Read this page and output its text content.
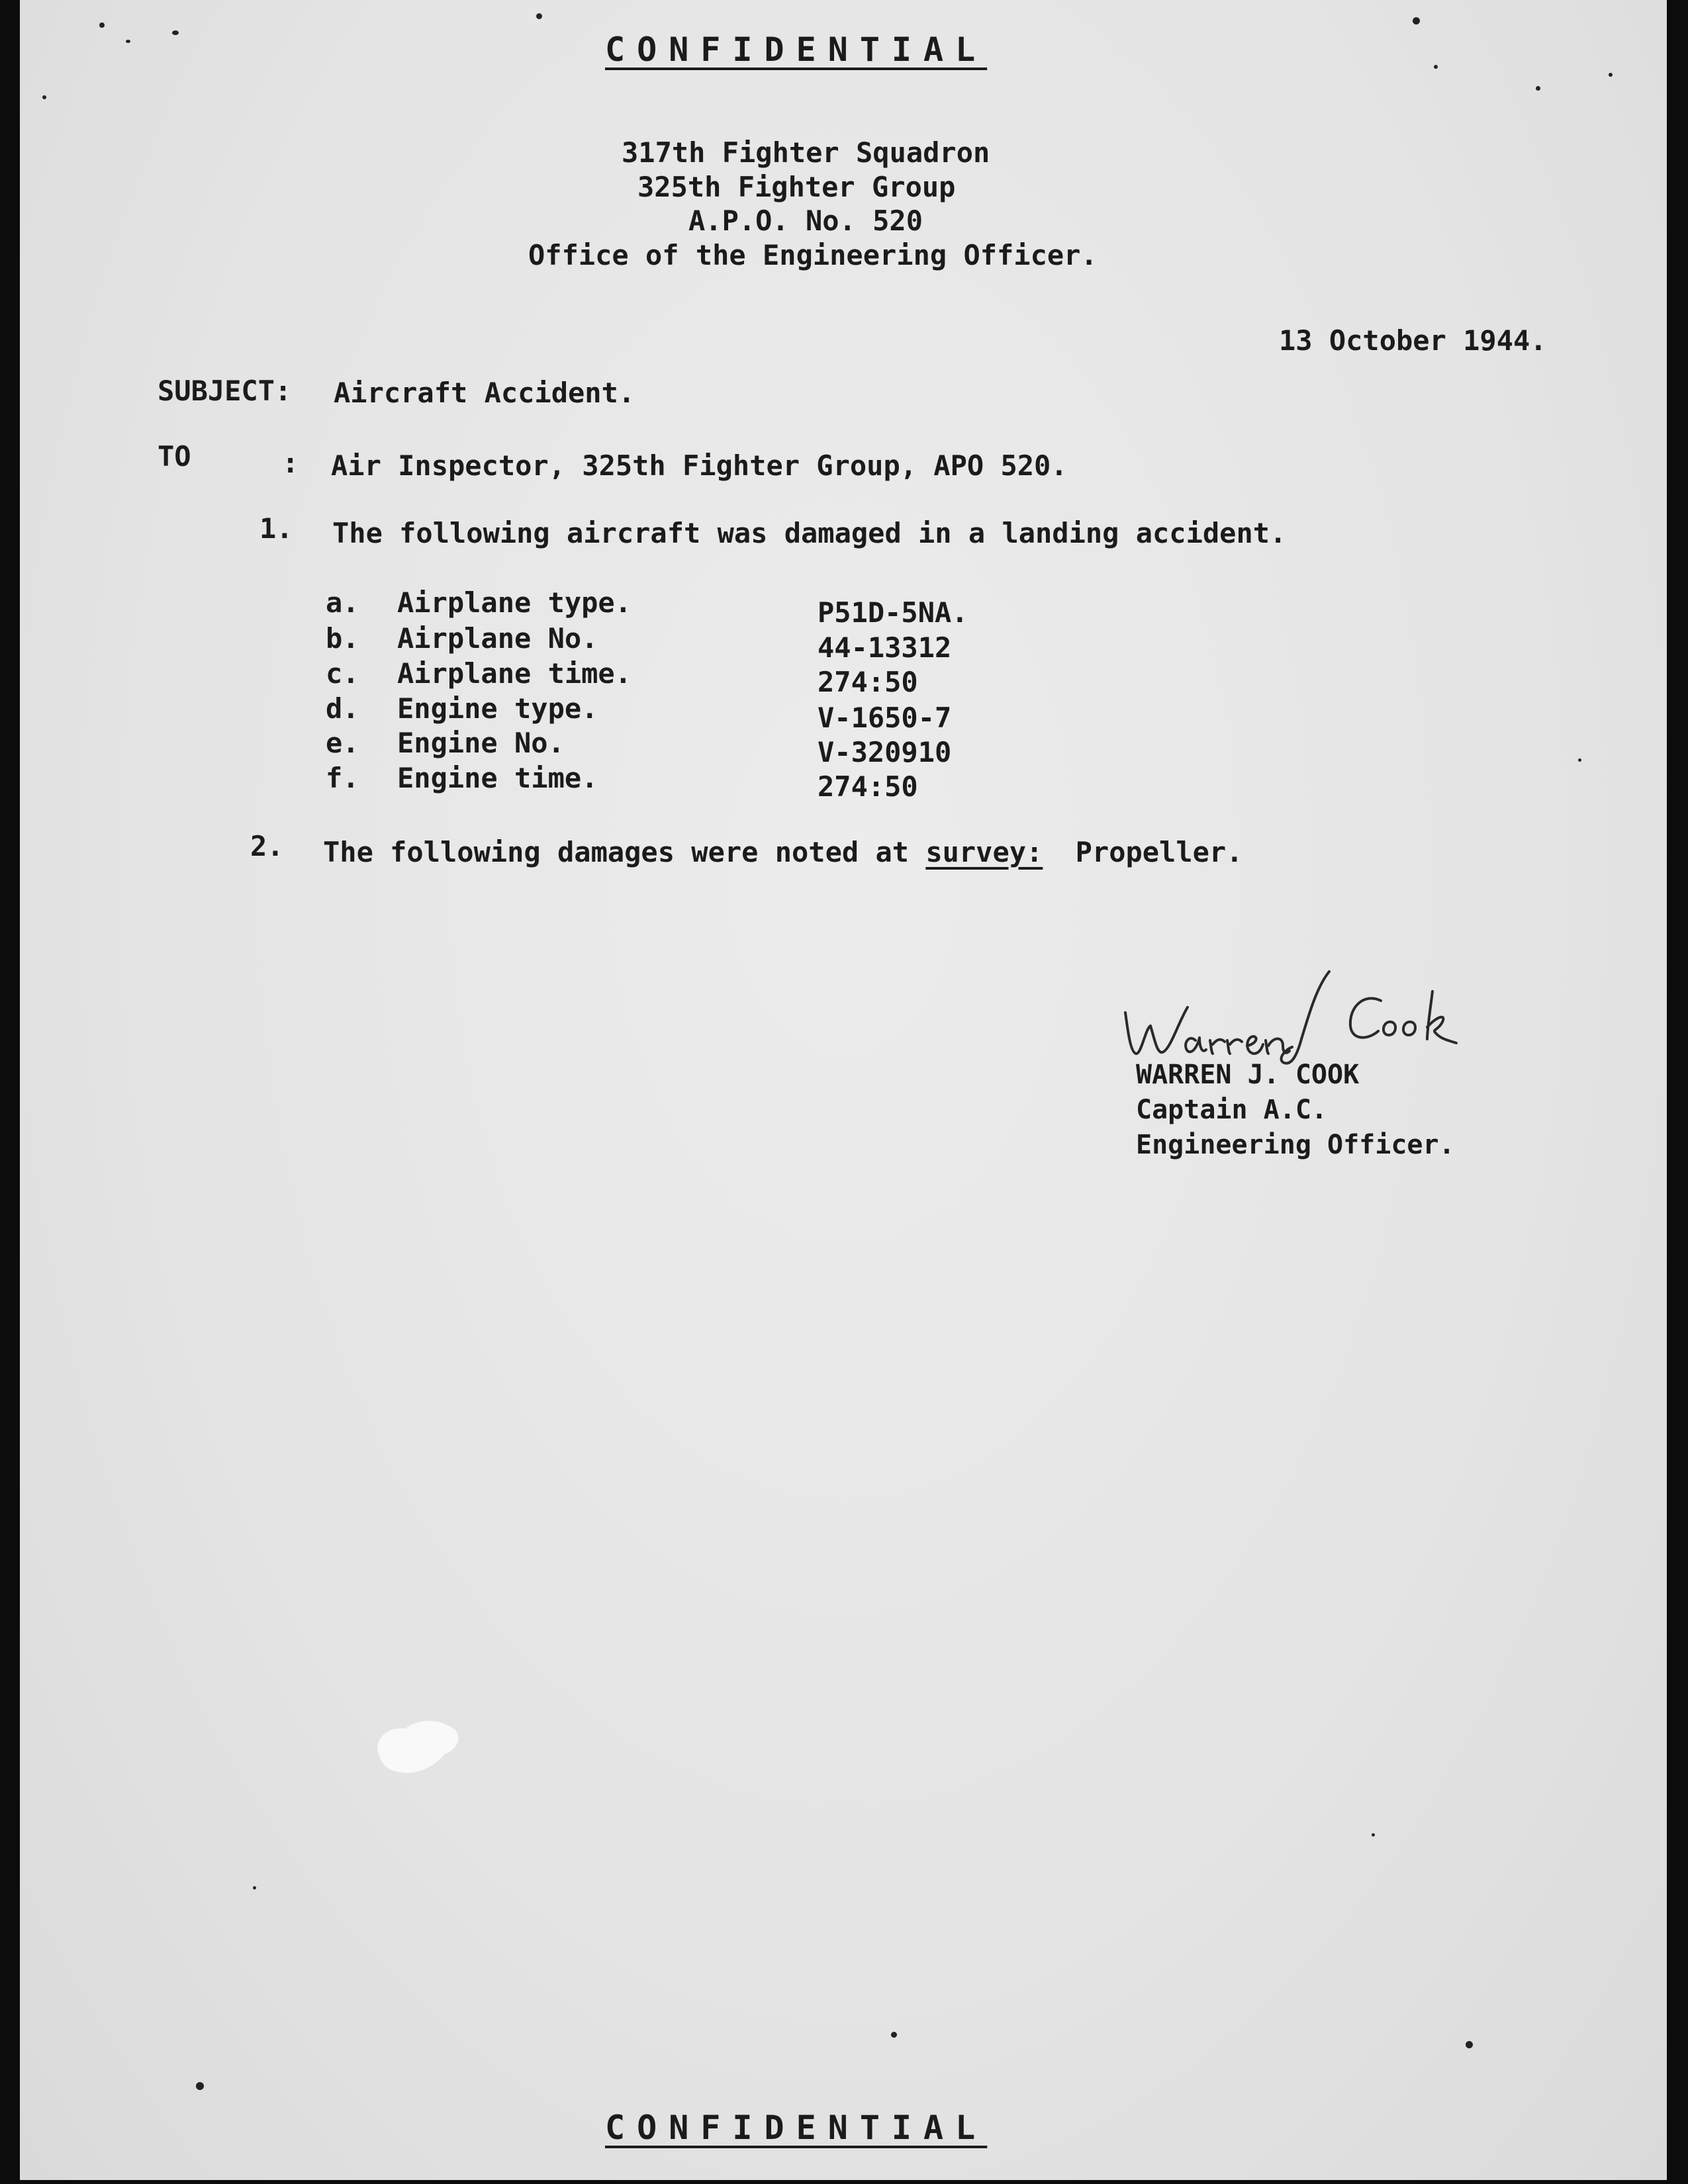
CONFIDENTIAL
317th Fighter Squadron
325th Fighter Group
A.P.O. No. 520
Office of the Engineering Officer.
13 October 1944.
SUBJECT: Aircraft Accident.
TO	: Air Inspector, 325th Fighter Group, APO 520.
1. The following aircraft was damaged in a landing accident.
a. Airplane type.	P51D-5NA.
b. Airplane No.	44-13312
c. Airplane time.	274:50
d. Engine type.	V-1650-7
e. Engine No.	V-320910
f. Engine time.	274:50
2. The following damages were noted at survey: Propeller.
WARREN J. COOK
Captain A.C.
Engineering Officer.
CONFIDENTIAL
